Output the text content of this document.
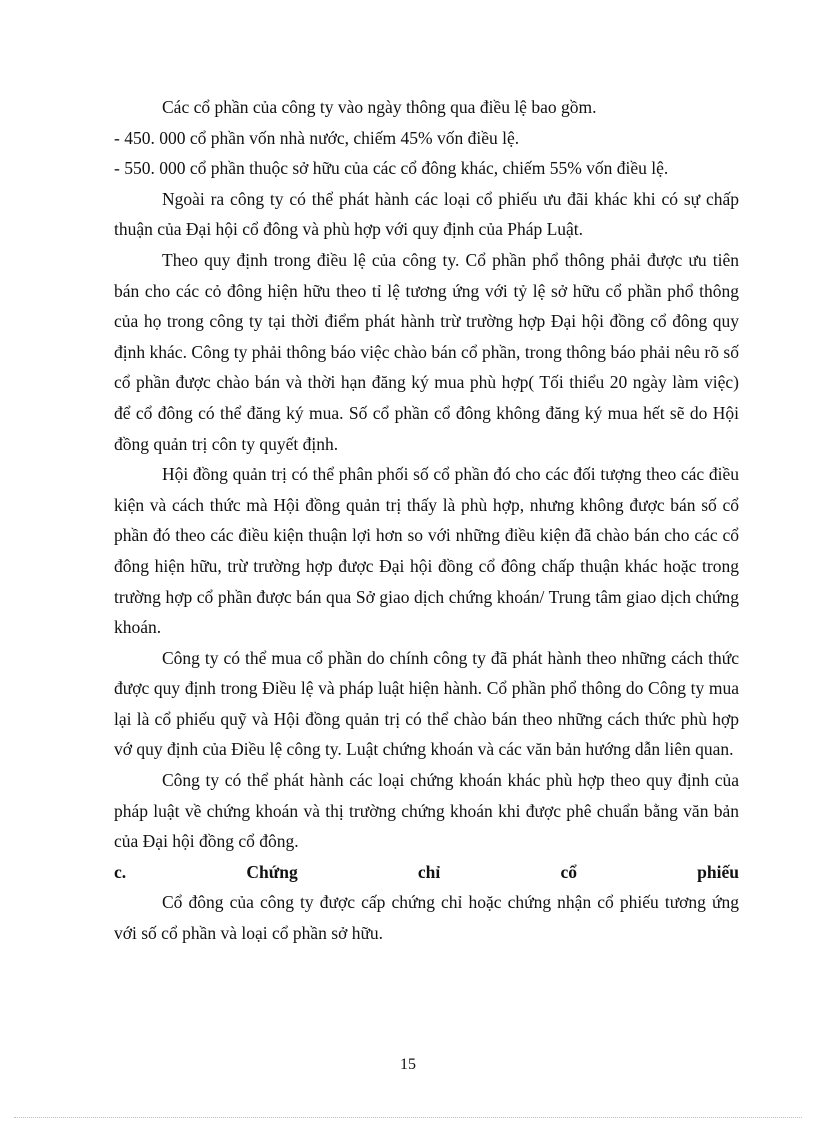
Các cổ phần của công ty vào ngày thông qua điều lệ bao gồm.

- 450. 000 cổ phần vốn nhà nước, chiếm 45% vốn điều lệ.

- 550. 000 cổ phần thuộc sở hữu của các cổ đông khác, chiếm 55% vốn điều lệ.

Ngoài ra công ty có thể phát hành các loại cổ phiếu ưu đãi khác khi có sự chấp thuận của Đại hội cổ đông và phù hợp với quy định của Pháp Luật.

Theo quy định trong điều lệ của công ty. Cổ phần phổ thông phải được ưu tiên bán cho các cỏ đông hiện hữu theo tỉ lệ tương ứng với tỷ lệ sở hữu cổ phần phổ thông của họ trong công ty tại thời điểm phát hành trừ trường hợp Đại hội đồng cổ đông quy định khác. Công ty phải thông báo việc chào bán cổ phần, trong thông báo phải nêu rõ số cổ phần được chào bán và thời hạn đăng ký mua phù hợp( Tối thiểu 20 ngày làm việc) để cổ đông có thể đăng ký mua. Số cổ phần cổ đông không đăng ký mua hết sẽ do Hội đồng quản trị côn ty quyết định.

Hội đồng quản trị có thể phân phối số cổ phần đó cho các đối tượng theo các điều kiện và cách thức mà Hội đồng quản trị thấy là phù hợp, nhưng không được bán số cổ phần đó theo các điều kiện thuận lợi hơn so với những điều kiện đã chào bán cho các cổ đông hiện hữu, trừ trường hợp được Đại hội đồng cổ đông chấp thuận khác hoặc trong trường hợp cổ phần được bán qua Sở giao dịch chứng khoán/ Trung tâm giao dịch chứng khoán.

Công ty có thể mua cổ phần do chính công ty đã phát hành theo những cách thức được quy định trong Điều lệ và pháp luật hiện hành. Cổ phần phổ thông do Công ty mua lại là cổ phiếu quỹ và Hội đồng quản trị có thể chào bán theo những cách thức phù hợp vớ quy định của Điều lệ công ty. Luật chứng khoán và các văn bản hướng dẫn liên quan.

Công ty có thể phát hành các loại chứng khoán khác phù hợp theo quy định của pháp luật về chứng khoán và thị trường chứng khoán khi được phê chuẩn bằng văn bản của Đại hội đồng cổ đông.

c. Chứng chỉ cổ phiếu

Cổ đông của công ty được cấp chứng chỉ hoặc chứng nhận cổ phiếu tương ứng với số cổ phần và loại cổ phần sở hữu.

15
